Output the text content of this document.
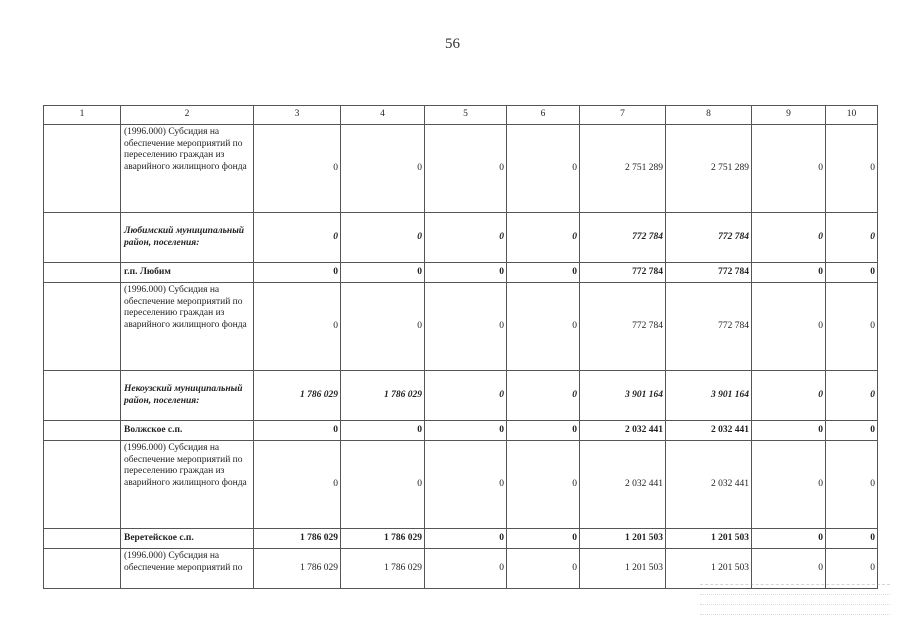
56
1	2	3	4	5	6	7	8	9	10
	(1996.000) Субсидия на обеспечение мероприятий по переселению граждан из аварийного жилищного фонда	0	0	0	0	2 751 289	2 751 289	0	0
	Любимский муниципальный район, поселения:	0	0	0	0	772 784	772 784	0	0
	г.п. Любим	0	0	0	0	772 784	772 784	0	0
	(1996.000) Субсидия на обеспечение мероприятий по переселению граждан из аварийного жилищного фонда	0	0	0	0	772 784	772 784	0	0
	Некоузский муниципальный район, поселения:	1 786 029	1 786 029	0	0	3 901 164	3 901 164	0	0
	Волжское с.п.	0	0	0	0	2 032 441	2 032 441	0	0
	(1996.000) Субсидия на обеспечение мероприятий по переселению граждан из аварийного жилищного фонда	0	0	0	0	2 032 441	2 032 441	0	0
	Веретейское с.п.	1 786 029	1 786 029	0	0	1 201 503	1 201 503	0	0
	(1996.000) Субсидия на обеспечение мероприятий по	1 786 029	1 786 029	0	0	1 201 503	1 201 503	0	0
